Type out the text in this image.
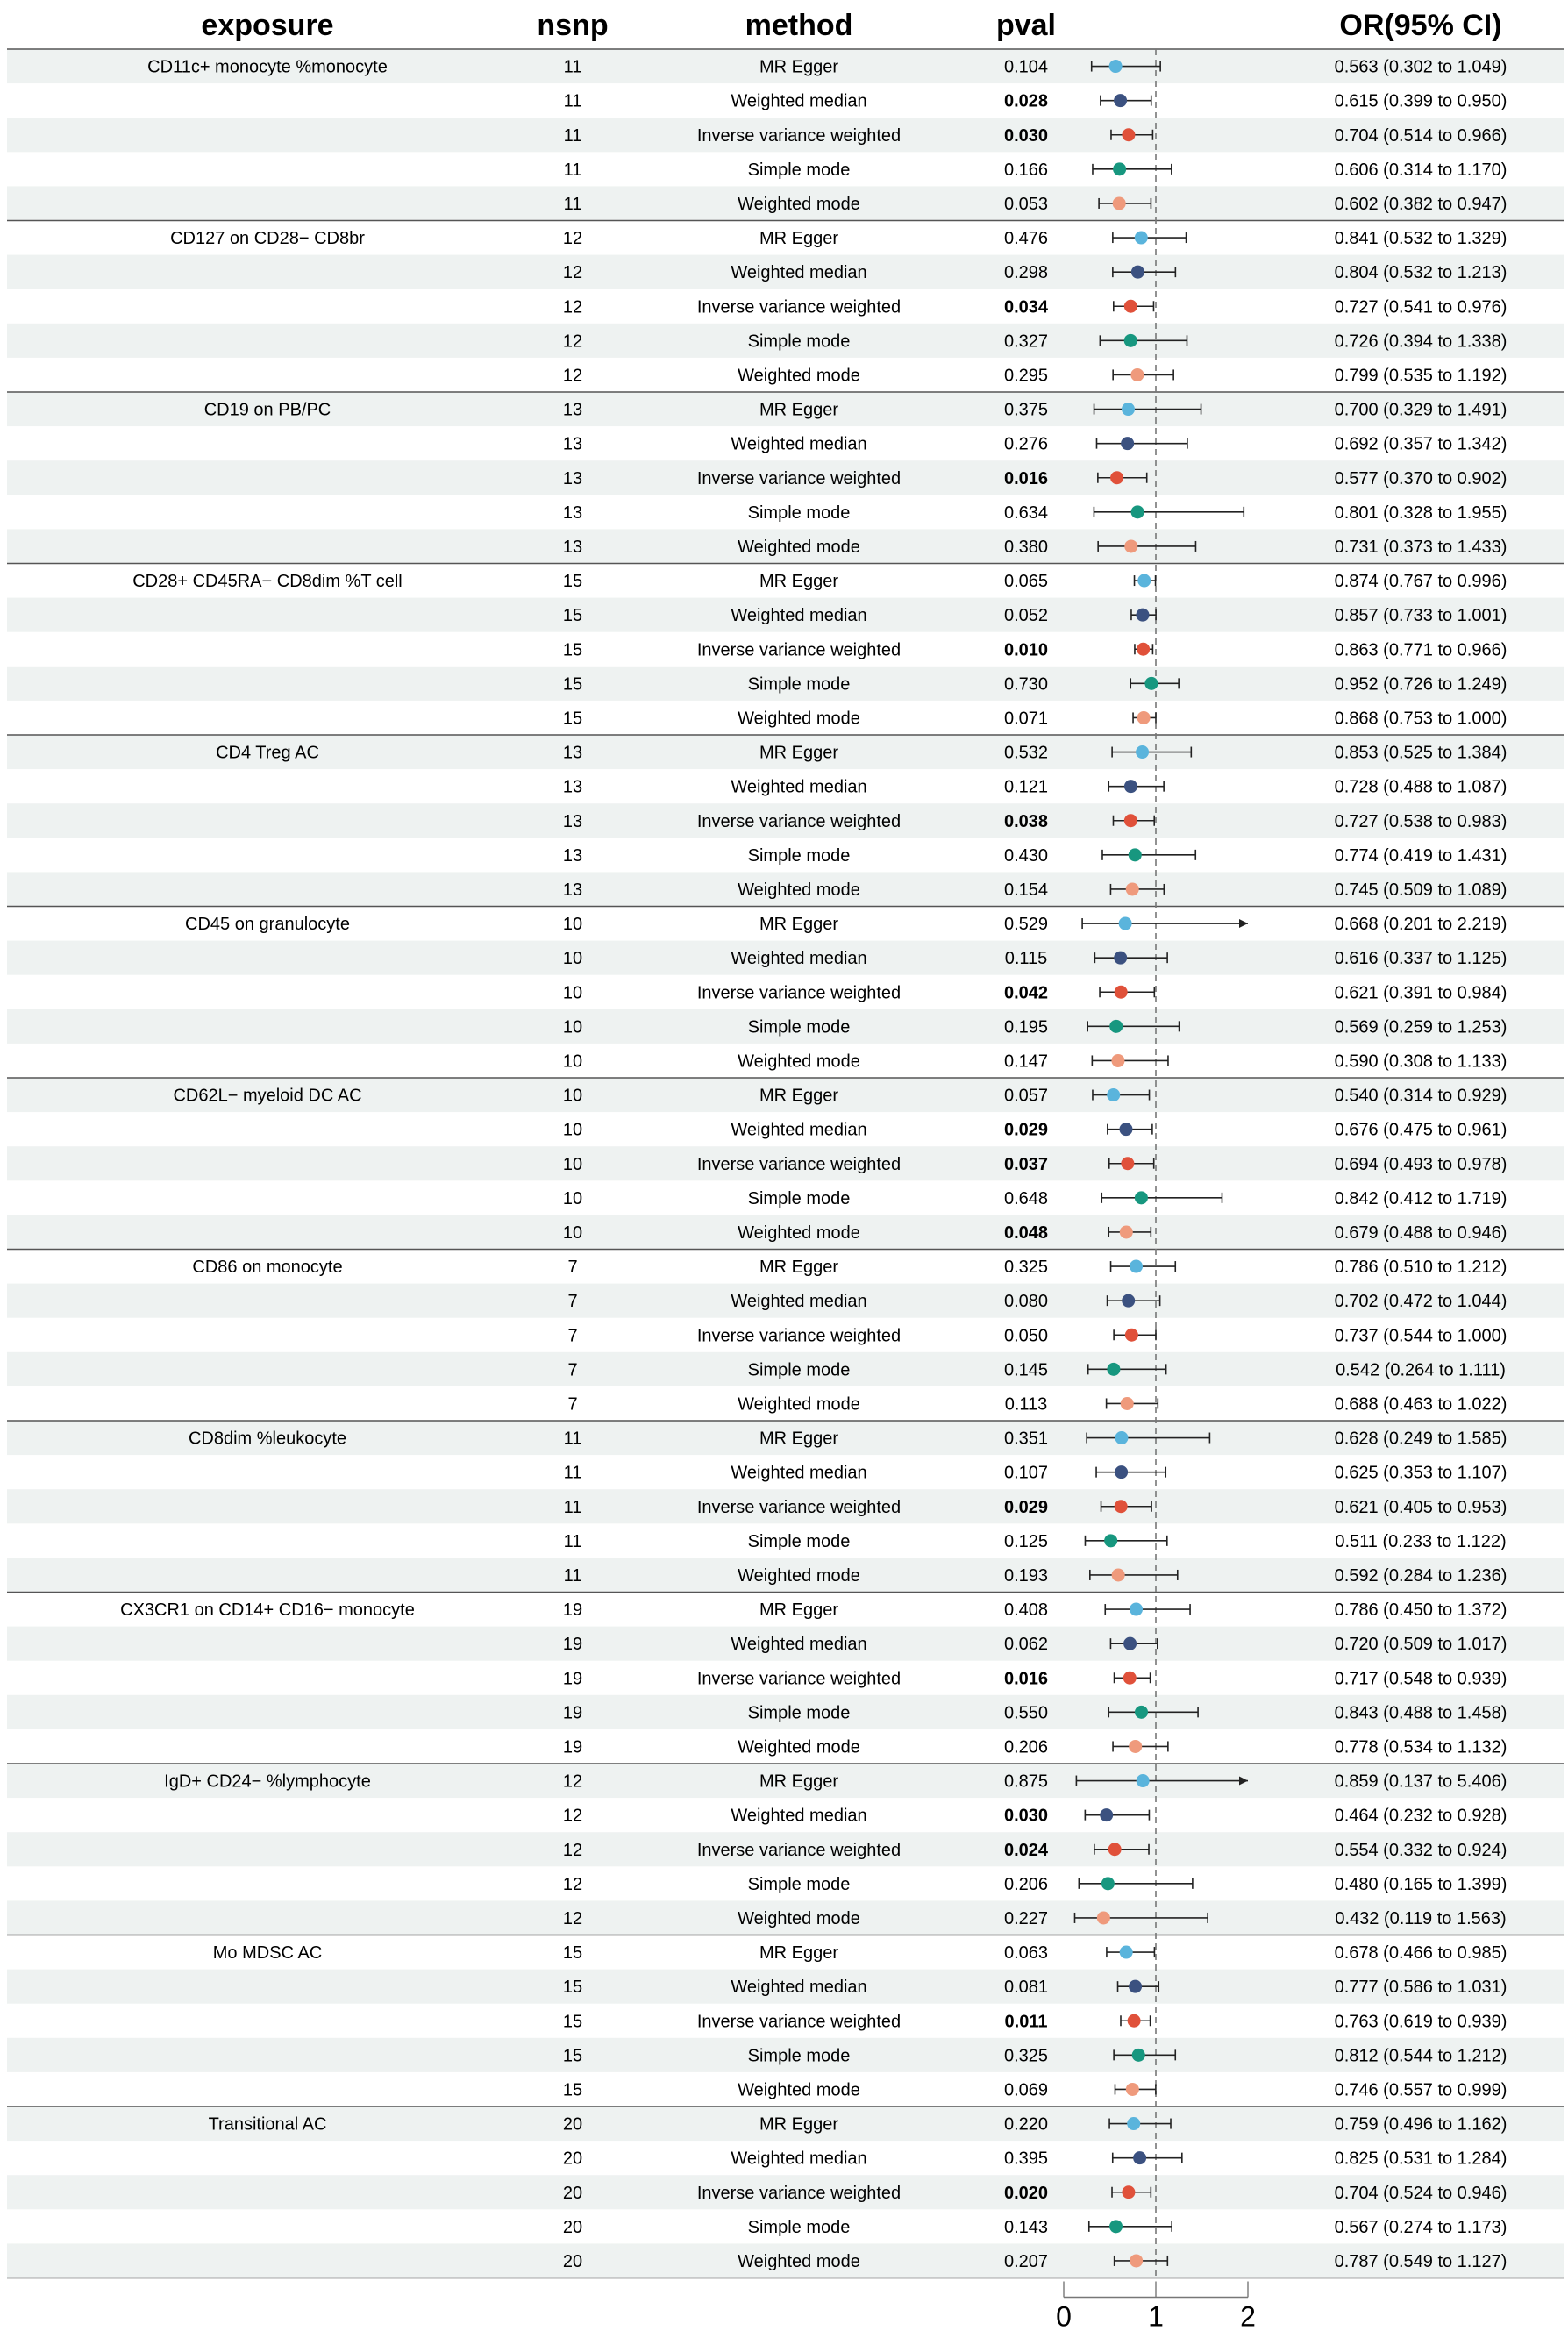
exposure	nsnp	method	pval	OR(95% CI)
CD11c+ monocyte %monocyte	11	MR Egger	0.104	0.563 (0.302 to 1.049)
11	Weighted median	0.028	0.615 (0.399 to 0.950)
11	Inverse variance weighted	0.030	0.704 (0.514 to 0.966)
11	Simple mode	0.166	0.606 (0.314 to 1.170)
11	Weighted mode	0.053	0.602 (0.382 to 0.947)
CD127 on CD28− CD8br	12	MR Egger	0.476	0.841 (0.532 to 1.329)
12	Weighted median	0.298	0.804 (0.532 to 1.213)
12	Inverse variance weighted	0.034	0.727 (0.541 to 0.976)
12	Simple mode	0.327	0.726 (0.394 to 1.338)
12	Weighted mode	0.295	0.799 (0.535 to 1.192)
CD19 on PB/PC	13	MR Egger	0.375	0.700 (0.329 to 1.491)
13	Weighted median	0.276	0.692 (0.357 to 1.342)
13	Inverse variance weighted	0.016	0.577 (0.370 to 0.902)
13	Simple mode	0.634	0.801 (0.328 to 1.955)
13	Weighted mode	0.380	0.731 (0.373 to 1.433)
CD28+ CD45RA− CD8dim %T cell	15	MR Egger	0.065	0.874 (0.767 to 0.996)
15	Weighted median	0.052	0.857 (0.733 to 1.001)
15	Inverse variance weighted	0.010	0.863 (0.771 to 0.966)
15	Simple mode	0.730	0.952 (0.726 to 1.249)
15	Weighted mode	0.071	0.868 (0.753 to 1.000)
CD4 Treg AC	13	MR Egger	0.532	0.853 (0.525 to 1.384)
13	Weighted median	0.121	0.728 (0.488 to 1.087)
13	Inverse variance weighted	0.038	0.727 (0.538 to 0.983)
13	Simple mode	0.430	0.774 (0.419 to 1.431)
13	Weighted mode	0.154	0.745 (0.509 to 1.089)
CD45 on granulocyte	10	MR Egger	0.529	0.668 (0.201 to 2.219)
10	Weighted median	0.115	0.616 (0.337 to 1.125)
10	Inverse variance weighted	0.042	0.621 (0.391 to 0.984)
10	Simple mode	0.195	0.569 (0.259 to 1.253)
10	Weighted mode	0.147	0.590 (0.308 to 1.133)
CD62L− myeloid DC AC	10	MR Egger	0.057	0.540 (0.314 to 0.929)
10	Weighted median	0.029	0.676 (0.475 to 0.961)
10	Inverse variance weighted	0.037	0.694 (0.493 to 0.978)
10	Simple mode	0.648	0.842 (0.412 to 1.719)
10	Weighted mode	0.048	0.679 (0.488 to 0.946)
CD86 on monocyte	7	MR Egger	0.325	0.786 (0.510 to 1.212)
7	Weighted median	0.080	0.702 (0.472 to 1.044)
7	Inverse variance weighted	0.050	0.737 (0.544 to 1.000)
7	Simple mode	0.145	0.542 (0.264 to 1.111)
7	Weighted mode	0.113	0.688 (0.463 to 1.022)
CD8dim %leukocyte	11	MR Egger	0.351	0.628 (0.249 to 1.585)
11	Weighted median	0.107	0.625 (0.353 to 1.107)
11	Inverse variance weighted	0.029	0.621 (0.405 to 0.953)
11	Simple mode	0.125	0.511 (0.233 to 1.122)
11	Weighted mode	0.193	0.592 (0.284 to 1.236)
CX3CR1 on CD14+ CD16− monocyte	19	MR Egger	0.408	0.786 (0.450 to 1.372)
19	Weighted median	0.062	0.720 (0.509 to 1.017)
19	Inverse variance weighted	0.016	0.717 (0.548 to 0.939)
19	Simple mode	0.550	0.843 (0.488 to 1.458)
19	Weighted mode	0.206	0.778 (0.534 to 1.132)
IgD+ CD24− %lymphocyte	12	MR Egger	0.875	0.859 (0.137 to 5.406)
12	Weighted median	0.030	0.464 (0.232 to 0.928)
12	Inverse variance weighted	0.024	0.554 (0.332 to 0.924)
12	Simple mode	0.206	0.480 (0.165 to 1.399)
12	Weighted mode	0.227	0.432 (0.119 to 1.563)
Mo MDSC AC	15	MR Egger	0.063	0.678 (0.466 to 0.985)
15	Weighted median	0.081	0.777 (0.586 to 1.031)
15	Inverse variance weighted	0.011	0.763 (0.619 to 0.939)
15	Simple mode	0.325	0.812 (0.544 to 1.212)
15	Weighted mode	0.069	0.746 (0.557 to 0.999)
Transitional AC	20	MR Egger	0.220	0.759 (0.496 to 1.162)
20	Weighted median	0.395	0.825 (0.531 to 1.284)
20	Inverse variance weighted	0.020	0.704 (0.524 to 0.946)
20	Simple mode	0.143	0.567 (0.274 to 1.173)
20	Weighted mode	0.207	0.787 (0.549 to 1.127)
0	1	2
